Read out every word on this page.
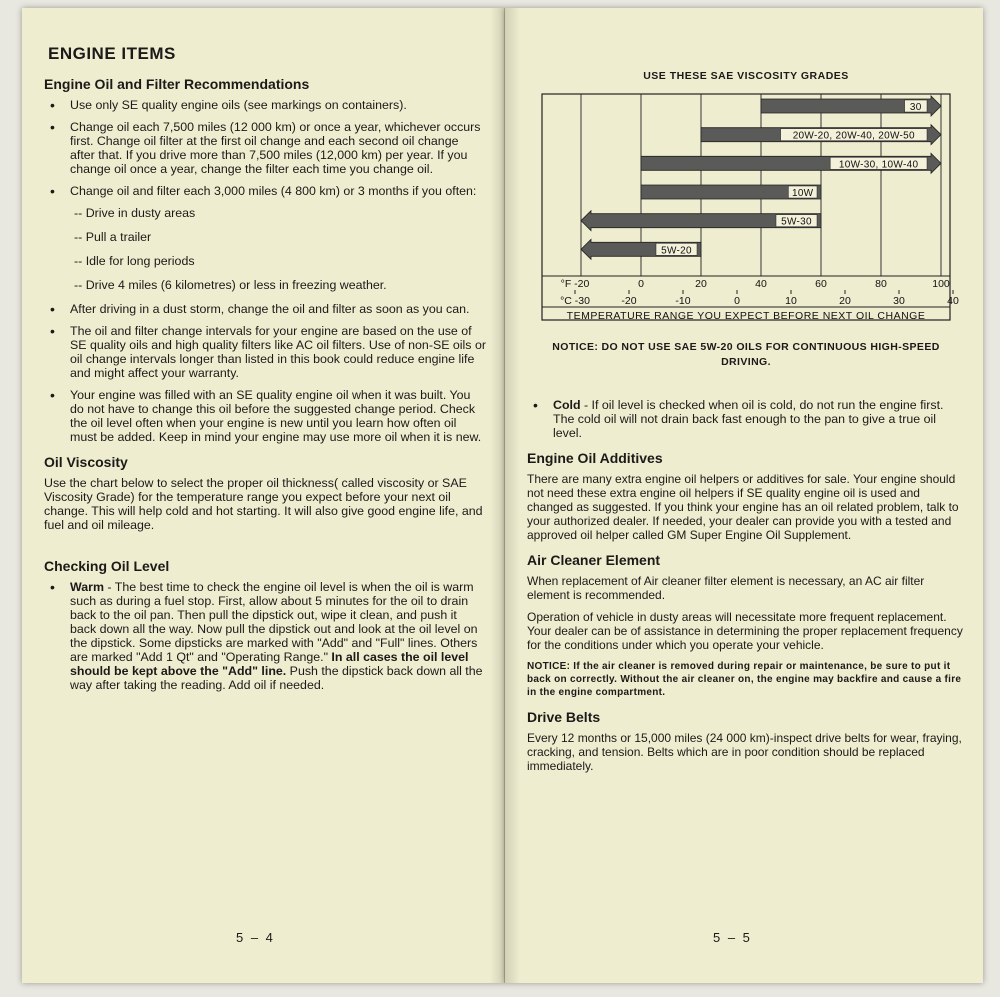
ENGINE ITEMS
Engine Oil and Filter Recommendations
• Use only SE quality engine oils (see markings on containers).
• Change oil each 7,500 miles (12 000 km) or once a year, whichever occurs first. Change oil filter at the first oil change and each second oil change after that. If you drive more than 7,500 miles (12,000 km) per year. If you change oil once a year, change the filter each time you change oil.
• Change oil and filter each 3,000 miles (4 800 km) or 3 months if you often:
-- Drive in dusty areas
-- Pull a trailer
-- Idle for long periods
-- Drive 4 miles (6 kilometres) or less in freezing weather.
• After driving in a dust storm, change the oil and filter as soon as you can.
• The oil and filter change intervals for your engine are based on the use of SE quality oils and high quality filters like AC oil filters. Use of non-SE oils or oil change intervals longer than listed in this book could reduce engine life and might affect your warranty.
• Your engine was filled with an SE quality engine oil when it was built. You do not have to change this oil before the suggested change period. Check the oil level often when your engine is new until you learn how often oil must be added. Keep in mind your engine may use more oil when it is new.
Oil Viscosity

Use the chart below to select the proper oil thickness( called viscosity or SAE Viscosity Grade) for the temperature range you expect before your next oil change. This will help cold and hot starting. It will also give good engine life, and fuel and oil mileage.

Checking Oil Level
• Warm - The best time to check the engine oil level is when the oil is warm such as during a fuel stop. First, allow about 5 minutes for the oil to drain back to the oil pan. Then pull the dipstick out, wipe it clean, and push it back down all the way. Now pull the dipstick out and look at the oil level on the dipstick. Some dipsticks are marked with "Add" and "Full" lines. Others are marked "Add 1 Qt" and "Operating Range." In all cases the oil level should be kept above the "Add" line. Push the dipstick back down all the way after taking the reading. Add oil if needed.
5 – 4
USE THESE SAE VISCOSITY GRADES
30
20W-20, 20W-40, 20W-50
10W-30, 10W-40
10W
5W-30
5W-20
°F -20	0	20	40	60	80	100
°C -30	-20	-10	0	10	20	30	40
TEMPERATURE RANGE YOU EXPECT BEFORE NEXT OIL CHANGE
NOTICE: DO NOT USE SAE 5W-20 OILS FOR CONTINUOUS HIGH-SPEED DRIVING.
• Cold - If oil level is checked when oil is cold, do not run the engine first. The cold oil will not drain back fast enough to the pan to give a true oil level.
Engine Oil Additives

There are many extra engine oil helpers or additives for sale. Your engine should not need these extra engine oil helpers if SE quality engine oil is used and changed as suggested. If you think your engine has an oil related problem, talk to your authorized dealer. If needed, your dealer can provide you with a tested and approved oil helper called GM Super Engine Oil Supplement.

Air Cleaner Element

When replacement of Air cleaner filter element is necessary, an AC air filter element is recommended.

Operation of vehicle in dusty areas will necessitate more frequent replacement. Your dealer can be of assistance in determining the proper replacement frequency for the conditions under which you operate your vehicle.

NOTICE: If the air cleaner is removed during repair or maintenance, be sure to put it back on correctly. Without the air cleaner on, the engine may backfire and cause a fire in the engine compartment.

Drive Belts

Every 12 months or 15,000 miles (24 000 km)-inspect drive belts for wear, fraying, cracking, and tension. Belts which are in poor condition should be replaced immediately.

5 – 5
